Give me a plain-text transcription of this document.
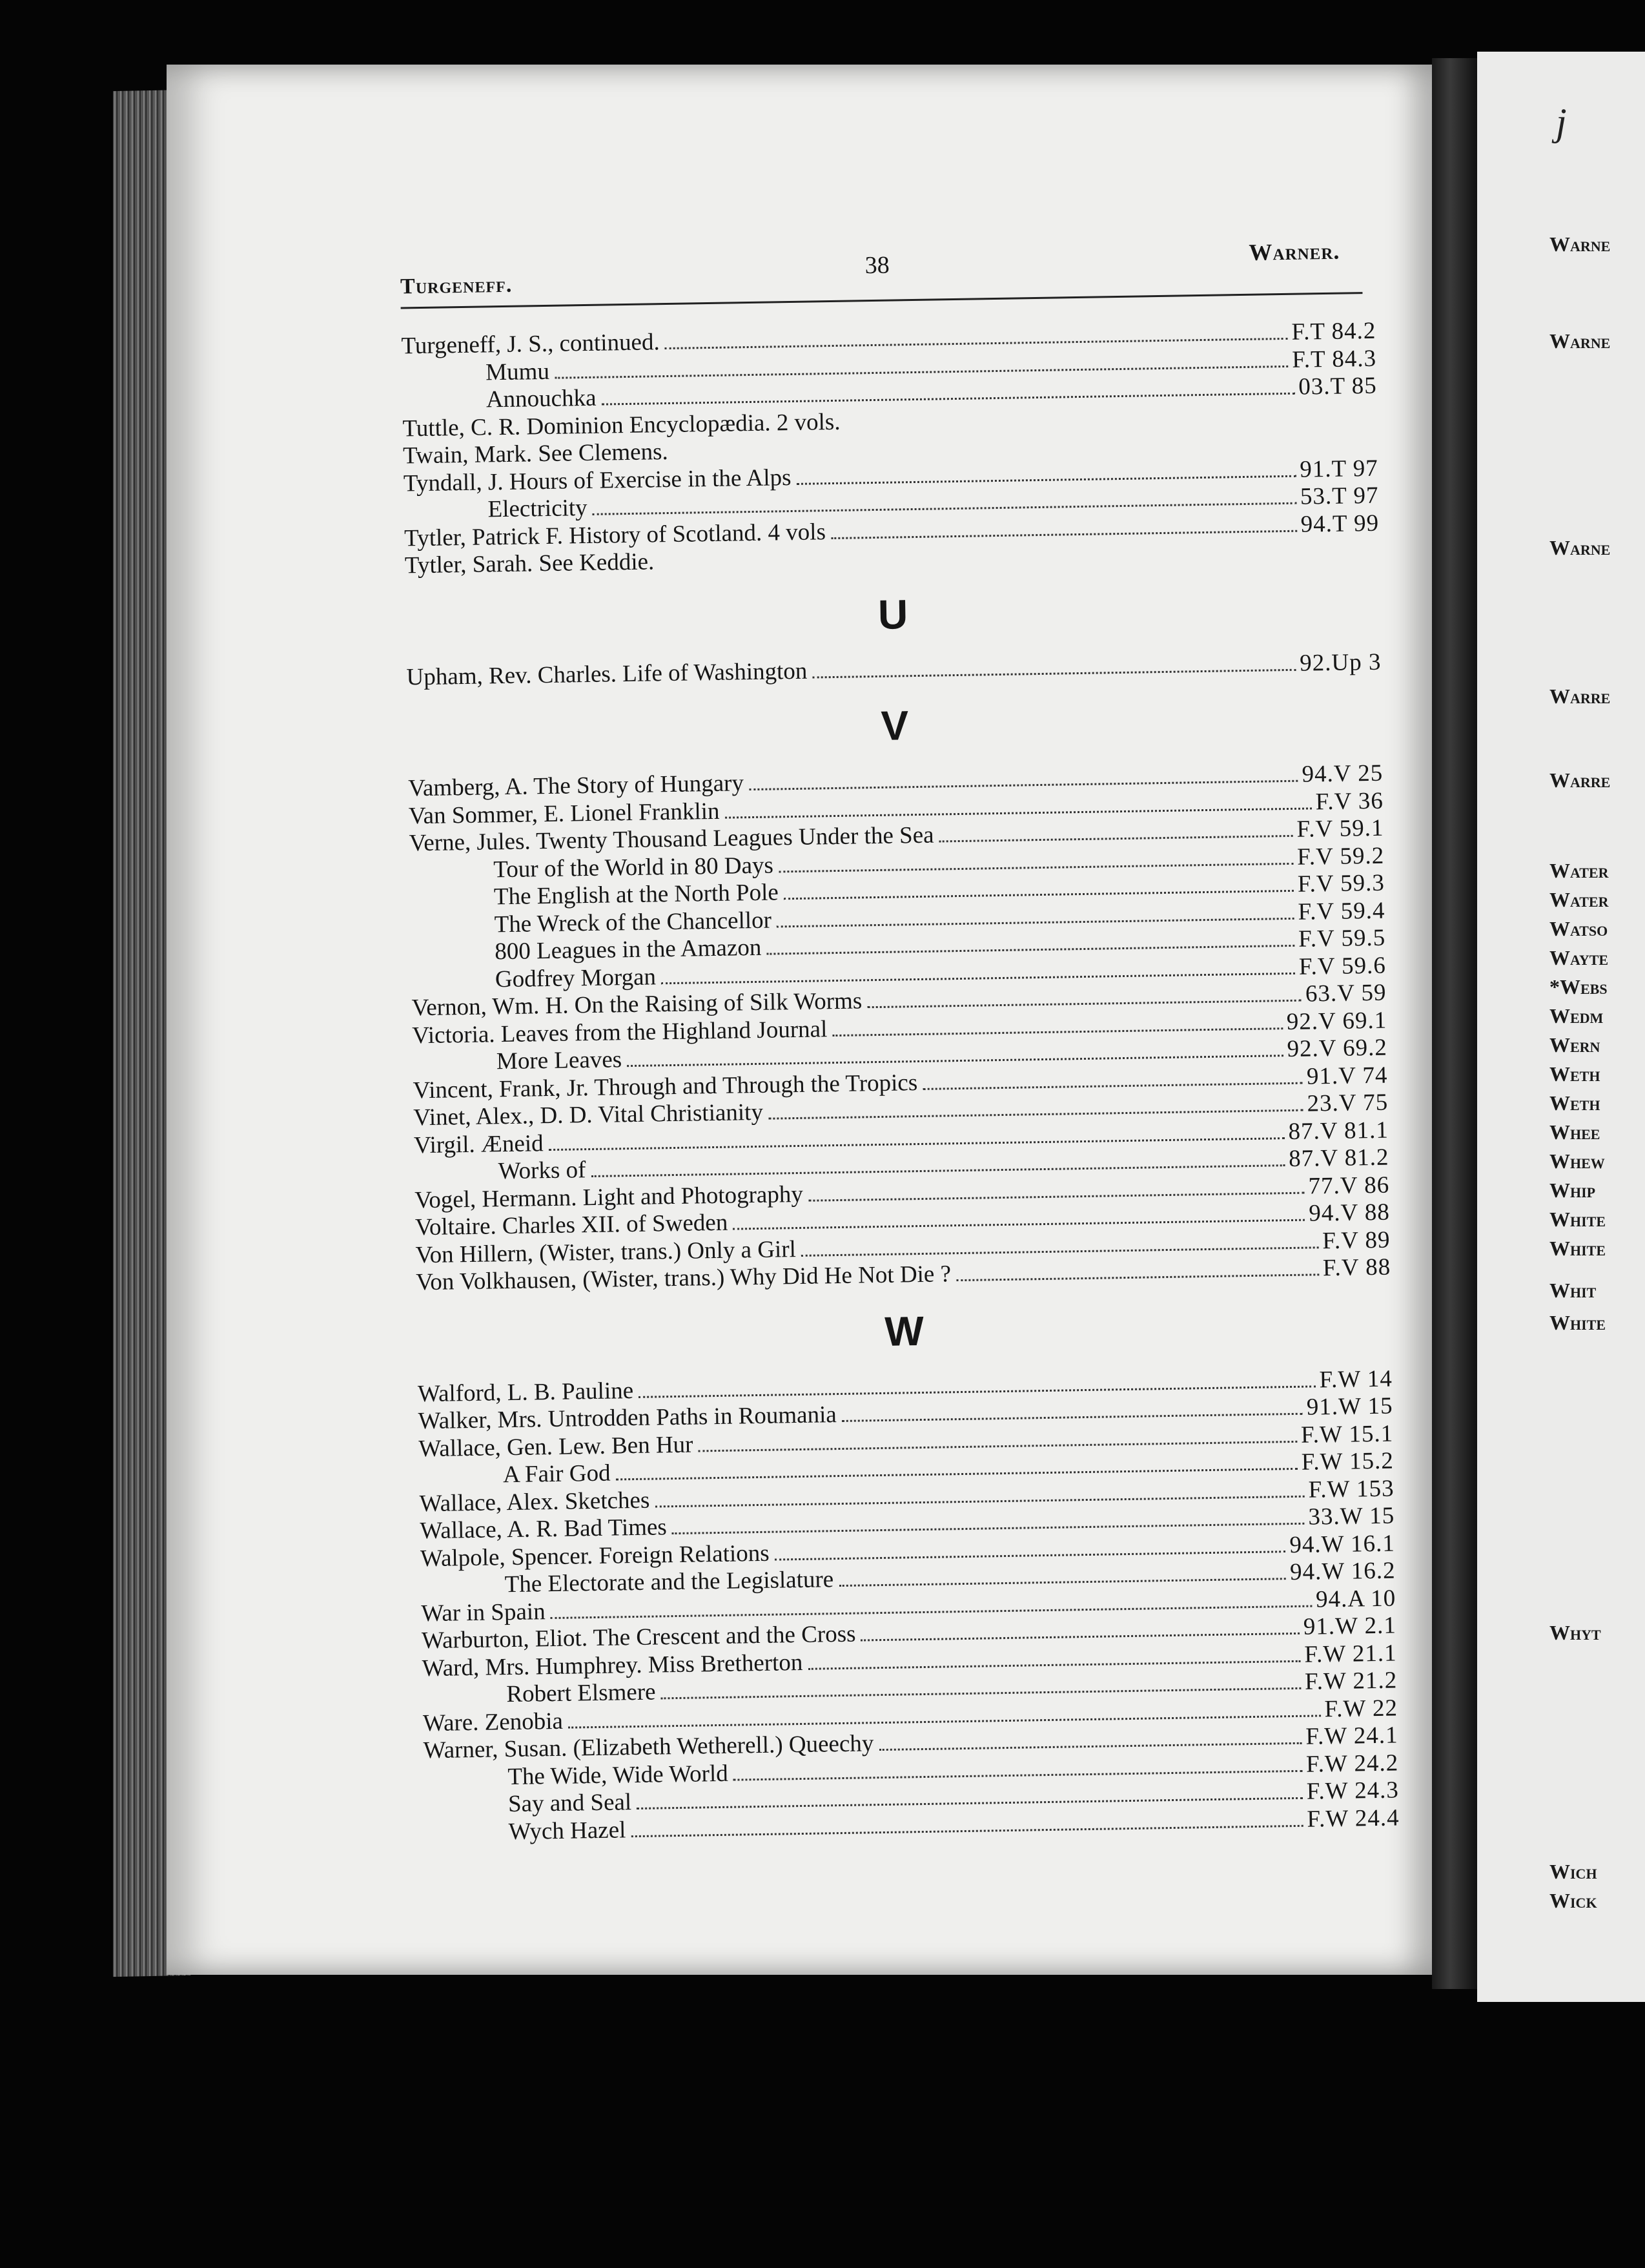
j
Warne
Warne
Warne
Warre
Warre
Water
Water
Watso
Wayte
*Webs
Wedm
Wern
Weth
Weth
Whee
Whew
Whip
White
White
Whit
White
Whyt
Wich
Wick
Turgeneff.
38	Warner.
Turgeneff, J. S., continued.	F.T 84.2
Mumu	F.T 84.3
Annouchka	03.T 85
Tuttle, C. R. Dominion Encyclopædia. 2 vols.
Twain, Mark. See Clemens.
Tyndall, J. Hours of Exercise in the Alps	91.T 97
Electricity	53.T 97
Tytler, Patrick F. History of Scotland. 4 vols	94.T 99
Tytler, Sarah. See Keddie.
U
Upham, Rev. Charles. Life of Washington	92.Up 3
V
Vamberg, A. The Story of Hungary	94.V 25
Van Sommer, E. Lionel Franklin	F.V 36
Verne, Jules. Twenty Thousand Leagues Under the Sea	F.V 59.1
Tour of the World in 80 Days	F.V 59.2
The English at the North Pole	F.V 59.3
The Wreck of the Chancellor	F.V 59.4
800 Leagues in the Amazon	F.V 59.5
Godfrey Morgan	F.V 59.6
Vernon, Wm. H. On the Raising of Silk Worms	63.V 59
Victoria. Leaves from the Highland Journal	92.V 69.1
More Leaves	92.V 69.2
Vincent, Frank, Jr. Through and Through the Tropics	91.V 74
Vinet, Alex., D. D. Vital Christianity	23.V 75
Virgil. Æneid	87.V 81.1
Works of	87.V 81.2
Vogel, Hermann. Light and Photography	77.V 86
Voltaire. Charles XII. of Sweden	94.V 88
Von Hillern, (Wister, trans.) Only a Girl	F.V 89
Von Volkhausen, (Wister, trans.) Why Did He Not Die ?	F.V 88
W
Walford, L. B. Pauline	F.W 14
Walker, Mrs. Untrodden Paths in Roumania	91.W 15
Wallace, Gen. Lew. Ben Hur	F.W 15.1
A Fair God	F.W 15.2
Wallace, Alex. Sketches	F.W 153
Wallace, A. R. Bad Times	33.W 15
Walpole, Spencer. Foreign Relations	94.W 16.1
The Electorate and the Legislature	94.W 16.2
War in Spain	94.A 10
Warburton, Eliot. The Crescent and the Cross	91.W 2.1
Ward, Mrs. Humphrey. Miss Bretherton	F.W 21.1
Robert Elsmere	F.W 21.2
Ware. Zenobia	F.W 22
Warner, Susan. (Elizabeth Wetherell.) Queechy	F.W 24.1
The Wide, Wide World	F.W 24.2
Say and Seal	F.W 24.3
Wych Hazel	F.W 24.4
